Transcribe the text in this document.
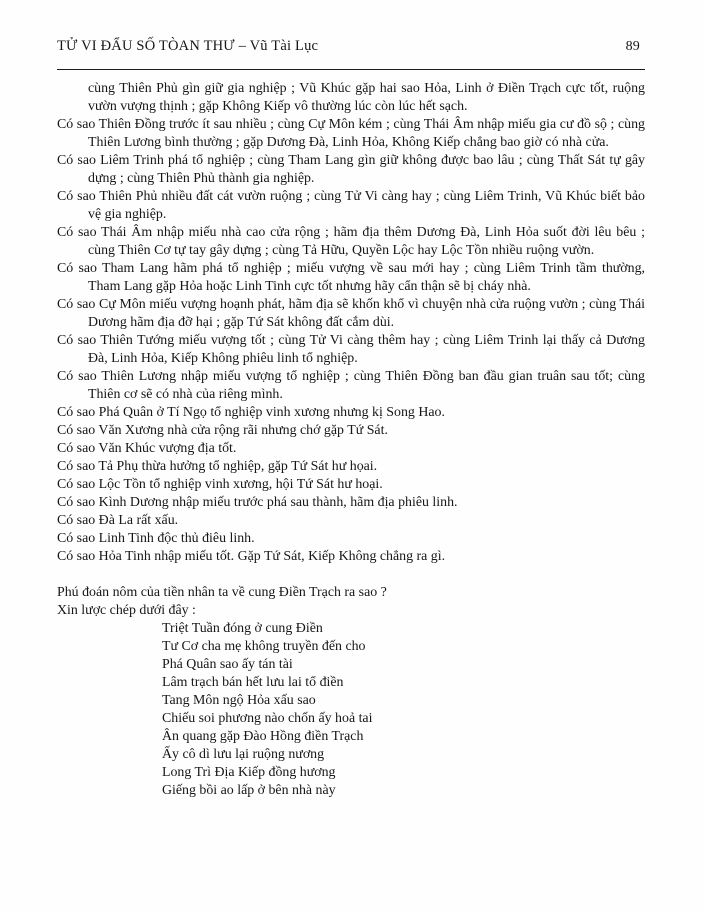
TỬ VI ĐẨU SỐ TÒAN THƯ – Vũ Tài Lục	89
cùng Thiên Phủ gìn giữ gia nghiệp ; Vũ Khúc gặp hai sao Hỏa, Linh ở Điền Trạch cực tốt, ruộng vườn vượng thịnh ; gặp Không Kiếp vô thường lúc còn lúc hết sạch.
Có sao Thiên Đồng trước ít sau nhiều ; cùng Cự Môn kém ; cùng Thái Âm nhập miếu gia cư đồ sộ ; cùng Thiên Lương bình thường ; gặp Dương Đà, Linh Hỏa, Không Kiếp chẳng bao giờ có nhà cửa.
Có sao Liêm Trinh phá tổ nghiệp ; cùng Tham Lang gìn giữ không được bao lâu ; cùng Thất Sát tự gây dựng ; cùng Thiên Phủ thành gia nghiệp.
Có sao Thiên Phủ nhiều đất cát vườn ruộng ; cùng Tử Vi càng hay ; cùng Liêm Trinh, Vũ Khúc biết bảo vệ gia nghiệp.
Có sao Thái Âm nhập miếu nhà cao cửa rộng ; hãm địa thêm Dương Đà, Linh Hỏa suốt đời lêu bêu ; cùng Thiên Cơ tự tay gây dựng ; cùng Tả Hữu, Quyền Lộc hay Lộc Tồn nhiều ruộng vườn.
Có sao Tham Lang hãm phá tổ nghiệp ; miếu vượng về sau mới hay ; cùng Liêm Trinh tầm thường, Tham Lang gặp Hỏa hoặc Linh Tinh cực tốt nhưng hãy cẩn thận sẽ bị cháy nhà.
Có sao Cự Môn miếu vượng hoạnh phát, hãm địa sẽ khốn khổ vì chuyện nhà cửa ruộng vườn ; cùng Thái Dương hãm địa đỡ hại ; gặp Tứ Sát không đất cắm dùi.
Có sao Thiên Tướng miếu vượng tốt ; cùng Tử Vi càng thêm hay ; cùng Liêm Trinh lại thấy cả Dương Đà, Linh Hỏa, Kiếp Không phiêu linh tổ nghiệp.
Có sao Thiên Lương nhập miếu vượng tổ nghiệp ; cùng Thiên Đồng ban đầu gian truân sau tốt; cùng Thiên cơ sẽ có nhà của riêng mình.
Có sao Phá Quân ở Tí Ngọ tổ nghiệp vinh xương nhưng kị Song Hao.
Có sao Văn Xương nhà cửa rộng rãi nhưng chớ gặp Tứ Sát.
Có sao Văn Khúc vượng địa tốt.
Có sao Tả Phụ thừa hưởng tổ nghiệp, gặp Tứ Sát hư họai.
Có sao Lộc Tồn tổ nghiệp vinh xương, hội Tứ Sát hư hoại.
Có sao Kình Dương nhập miếu trước phá sau thành, hãm địa phiêu linh.
Có sao Đà La rất xấu.
Có sao Linh Tinh độc thủ điêu linh.
Có sao Hỏa Tinh nhập miếu tốt. Gặp Tứ Sát, Kiếp Không chẳng ra gì.
Phú đoán nôm của tiền nhân ta về cung Điền Trạch ra sao ?
Xin lược chép dưới đây :
Triệt Tuần đóng ở cung Điền
Tư Cơ cha mẹ không truyền đến cho
Phá Quân sao ấy tán tài
Lâm trạch bán hết lưu lai tổ điền
Tang Môn ngộ Hỏa xấu sao
Chiếu soi phương nào chốn ấy hoả tai
Ân quang gặp Đào Hồng điền Trạch
Ấy cô dì lưu lại ruộng nương
Long Trì Địa Kiếp đồng hương
Giếng bồi ao lấp ở bên nhà này
